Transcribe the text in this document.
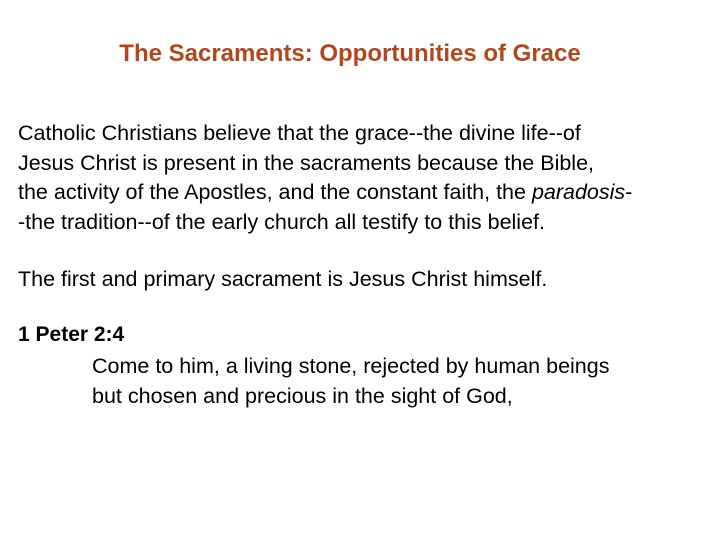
The Sacraments: Opportunities of Grace
Catholic Christians believe that the grace--the divine life--of
Jesus Christ is present in the sacraments because the Bible,
the activity of the Apostles, and the constant faith, the paradosis-
-the tradition--of the early church all testify to this belief.
The first and primary sacrament is Jesus Christ himself.
1 Peter 2:4
Come to him, a living stone, rejected by human beings
but chosen and precious in the sight of God,
